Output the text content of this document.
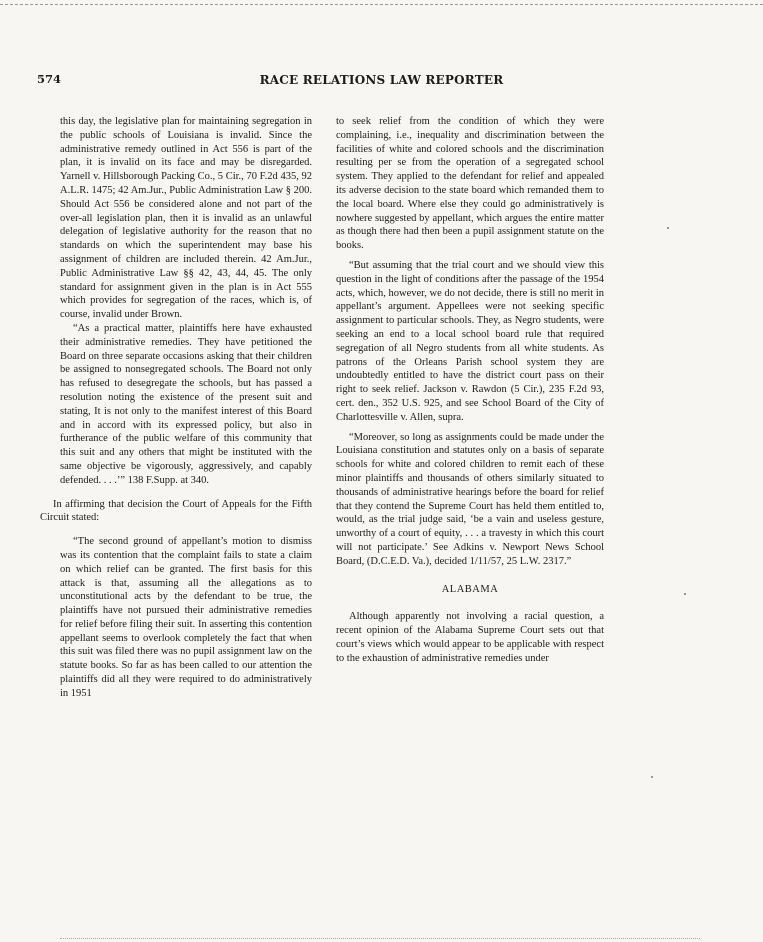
574	RACE RELATIONS LAW REPORTER

this day, the legislative plan for maintaining segregation in the public schools of Louisiana is invalid. Since the administrative remedy outlined in Act 556 is part of the plan, it is invalid on its face and may be disregarded. Yarnell v. Hillsborough Packing Co., 5 Cir., 70 F.2d 435, 92 A.L.R. 1475; 42 Am.Jur., Public Administration Law § 200. Should Act 556 be considered alone and not part of the over-all legislation plan, then it is invalid as an unlawful delegation of legislative authority for the reason that no standards on which the superintendent may base his assignment of children are included therein. 42 Am.Jur., Public Administrative Law §§ 42, 43, 44, 45. The only standard for assignment given in the plan is in Act 555 which provides for segregation of the races, which is, of course, invalid under Brown.

“As a practical matter, plaintiffs here have exhausted their administrative remedies. They have petitioned the Board on three separate occasions asking that their children be assigned to nonsegregated schools. The Board not only has refused to desegregate the schools, but has passed a resolution noting the existence of the present suit and stating, It is not only to the manifest interest of this Board and in accord with its expressed policy, but also in furtherance of the public welfare of this community that this suit and any others that might be instituted with the same objective be vigorously, aggressively, and capably defended. . . .’” 138 F.Supp. at 340.

In affirming that decision the Court of Appeals for the Fifth Circuit stated:

“The second ground of appellant’s motion to dismiss was its contention that the complaint fails to state a claim on which relief can be granted. The first basis for this attack is that, assuming all the allegations as to unconstitutional acts by the defendant to be true, the plaintiffs have not pursued their administrative remedies for relief before filing their suit. In asserting this contention appellant seems to overlook completely the fact that when this suit was filed there was no pupil assignment law on the statute books. So far as has been called to our attention the plaintiffs did all they were required to do administratively in 1951

to seek relief from the condition of which they were complaining, i.e., inequality and discrimination between the facilities of white and colored schools and the discrimination resulting per se from the operation of a segregated school system. They applied to the defendant for relief and appealed its adverse decision to the state board which remanded them to the local board. Where else they could go administratively is nowhere suggested by appellant, which argues the entire matter as though there had then been a pupil assignment statute on the books.

“But assuming that the trial court and we should view this question in the light of conditions after the passage of the 1954 acts, which, however, we do not decide, there is still no merit in appellant’s argument. Appellees were not seeking specific assignment to particular schools. They, as Negro students, were seeking an end to a local school board rule that required segregation of all Negro students from all white students. As patrons of the Orleans Parish school system they are undoubtedly entitled to have the district court pass on their right to seek relief. Jackson v. Rawdon (5 Cir.), 235 F.2d 93, cert. den., 352 U.S. 925, and see School Board of the City of Charlottesville v. Allen, supra.

“Moreover, so long as assignments could be made under the Louisiana constitution and statutes only on a basis of separate schools for white and colored children to remit each of these minor plaintiffs and thousands of others similarly situated to thousands of administrative hearings before the board for relief that they contend the Supreme Court has held them entitled to, would, as the trial judge said, ‘be a vain and useless gesture, unworthy of a court of equity, . . . a travesty in which this court will not participate.’ See Adkins v. Newport News School Board, (D.C.E.D. Va.), decided 1/11/57, 25 L.W. 2317.”

ALABAMA

Although apparently not involving a racial question, a recent opinion of the Alabama Supreme Court sets out that court’s views which would appear to be applicable with respect to the exhaustion of administrative remedies under
